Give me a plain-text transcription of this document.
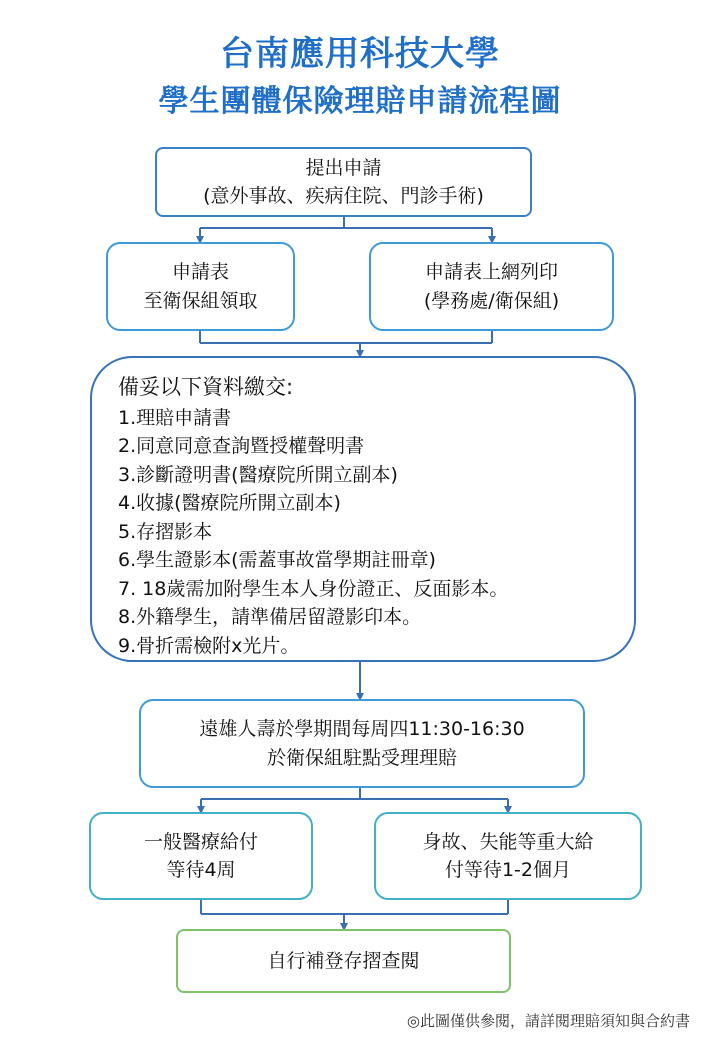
台南應用科技大學
學生團體保險理賠申請流程圖
提出申請
(意外事故、疾病住院、門診手術)
申請表
至衛保組領取
申請表上網列印
(學務處/衛保組)
備妥以下資料繳交:
1.理賠申請書
2.同意同意查詢暨授權聲明書
3.診斷證明書(醫療院所開立副本)
4.收據(醫療院所開立副本)
5.存摺影本
6.學生證影本(需蓋事故當學期註冊章)
7. 18歲需加附學生本人身份證正、反面影本。
8.外籍學生，請準備居留證影印本。
9.骨折需檢附x光片。
遠雄人壽於學期間每周四11:30-16:30
於衛保組駐點受理理賠
一般醫療給付
等待4周
身故、失能等重大給
付等待1-2個月
自行補登存摺查閱
◎此圖僅供參閱，請詳閱理賠須知與合約書
